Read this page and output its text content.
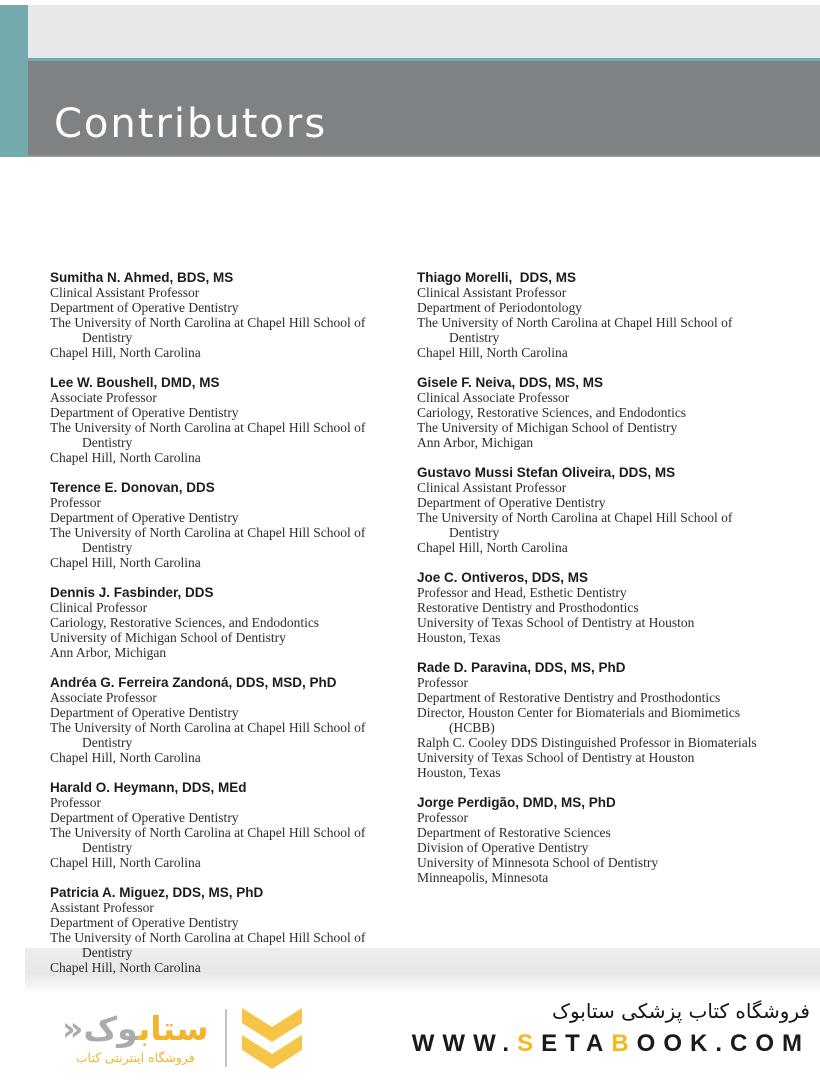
Contributors
Sumitha N. Ahmed, BDS, MS
Clinical Assistant Professor
Department of Operative Dentistry
The University of North Carolina at Chapel Hill School of
Dentistry
Chapel Hill, North Carolina
Lee W. Boushell, DMD, MS
Associate Professor
Department of Operative Dentistry
The University of North Carolina at Chapel Hill School of
Dentistry
Chapel Hill, North Carolina
Terence E. Donovan, DDS
Professor
Department of Operative Dentistry
The University of North Carolina at Chapel Hill School of
Dentistry
Chapel Hill, North Carolina
Dennis J. Fasbinder, DDS
Clinical Professor
Cariology, Restorative Sciences, and Endodontics
University of Michigan School of Dentistry
Ann Arbor, Michigan
Andréa G. Ferreira Zandoná, DDS, MSD, PhD
Associate Professor
Department of Operative Dentistry
The University of North Carolina at Chapel Hill School of
Dentistry
Chapel Hill, North Carolina
Harald O. Heymann, DDS, MEd
Professor
Department of Operative Dentistry
The University of North Carolina at Chapel Hill School of
Dentistry
Chapel Hill, North Carolina
Patricia A. Miguez, DDS, MS, PhD
Assistant Professor
Department of Operative Dentistry
The University of North Carolina at Chapel Hill School of
Dentistry
Chapel Hill, North Carolina
Thiago Morelli,  DDS, MS
Clinical Assistant Professor
Department of Periodontology
The University of North Carolina at Chapel Hill School of
Dentistry
Chapel Hill, North Carolina
Gisele F. Neiva, DDS, MS, MS
Clinical Associate Professor
Cariology, Restorative Sciences, and Endodontics
The University of Michigan School of Dentistry
Ann Arbor, Michigan
Gustavo Mussi Stefan Oliveira, DDS, MS
Clinical Assistant Professor
Department of Operative Dentistry
The University of North Carolina at Chapel Hill School of
Dentistry
Chapel Hill, North Carolina
Joe C. Ontiveros, DDS, MS
Professor and Head, Esthetic Dentistry
Restorative Dentistry and Prosthodontics
University of Texas School of Dentistry at Houston
Houston, Texas
Rade D. Paravina, DDS, MS, PhD
Professor
Department of Restorative Dentistry and Prosthodontics
Director, Houston Center for Biomaterials and Biomimetics
(HCBB)
Ralph C. Cooley DDS Distinguished Professor in Biomaterials
University of Texas School of Dentistry at Houston
Houston, Texas
Jorge Perdigão, DMD, MS, PhD
Professor
Department of Restorative Sciences
Division of Operative Dentistry
University of Minnesota School of Dentistry
Minneapolis, Minnesota
ستابوک«
فروشگاه اینترنتی کتاب
فروشگاه کتاب پزشکی ستابوک
WWW.SETABOOK.COM
